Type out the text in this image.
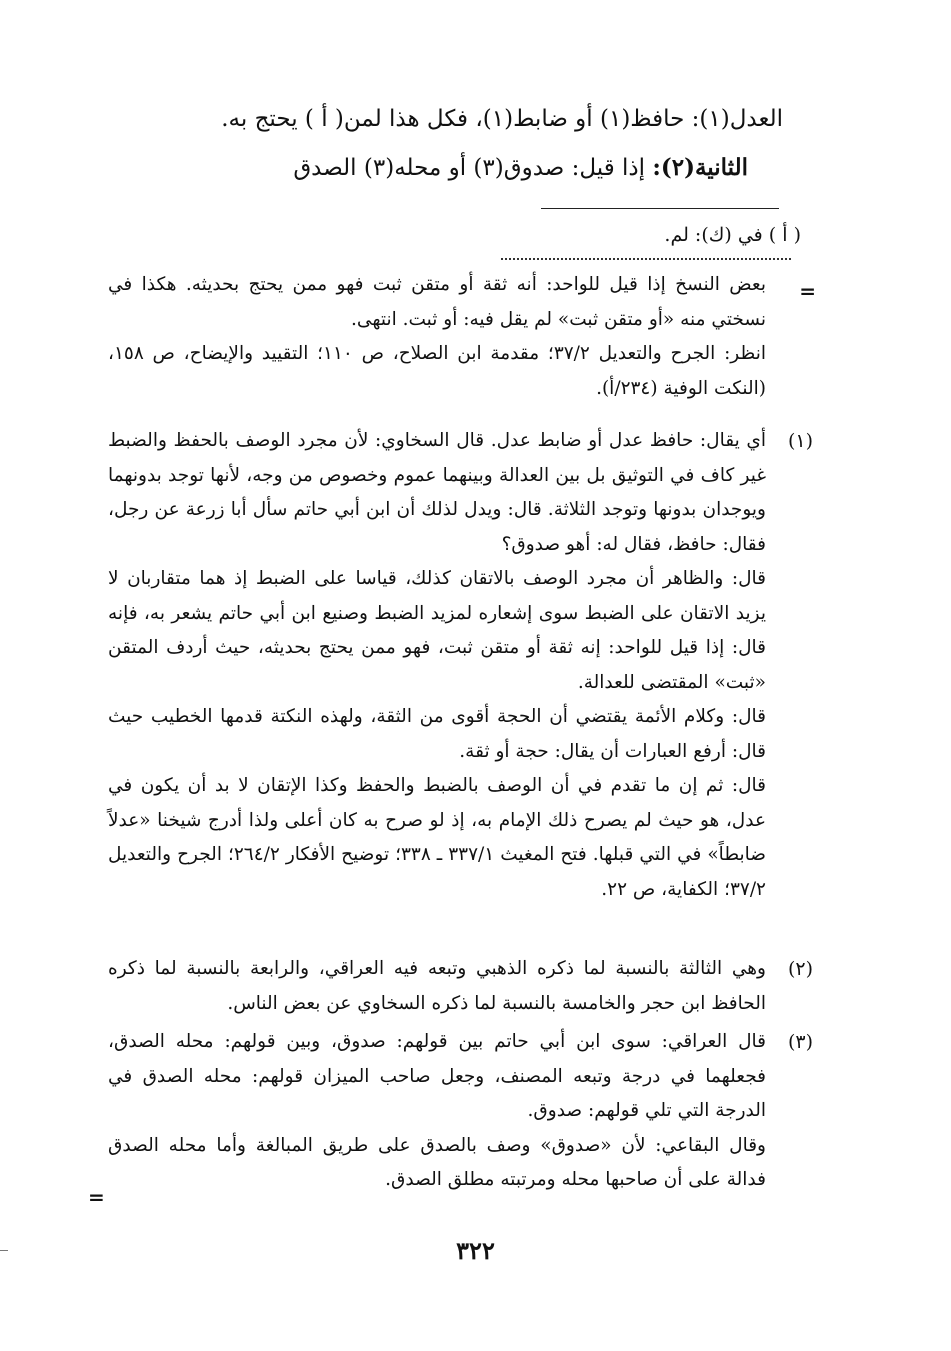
العدل(١): حافظ(١) أو ضابط(١)، فكل هذا لمن( أ ) يحتج به.
الثانية(٢): إذا قيل: صدوق(٣) أو محله(٣) الصدق
( أ ) في (ك): لم.
=

بعض النسخ إذا قيل للواحد: أنه ثقة أو متقن ثبت فهو ممن يحتج بحديثه. هكذا في نسختي منه «أو متقن ثبت» لم يقل فيه: أو ثبت. انتهى.

انظر: الجرح والتعديل ٣٧/٢؛ مقدمة ابن الصلاح، ص ١١٠؛ التقييد والإيضاح، ص ١٥٨، (النكت الوفية (٢٣٤/أ).

(١)

أي يقال: حافظ عدل أو ضابط عدل. قال السخاوي: لأن مجرد الوصف بالحفظ والضبط غير كاف في التوثيق بل بين العدالة وبينهما عموم وخصوص من وجه، لأنها توجد بدونهما ويوجدان بدونها وتوجد الثلاثة. قال: ويدل لذلك أن ابن أبي حاتم سأل أبا زرعة عن رجل، فقال: حافظ، فقال له: أهو صدوق؟

قال: والظاهر أن مجرد الوصف بالاتقان كذلك، قياسا على الضبط إذ هما متقاربان لا يزيد الاتقان على الضبط سوى إشعاره لمزيد الضبط وصنيع ابن أبي حاتم يشعر به، فإنه قال: إذا قيل للواحد: إنه ثقة أو متقن ثبت، فهو ممن يحتج بحديثه، حيث أردف المتقن «ثبت» المقتضى للعدالة.

قال: وكلام الأئمة يقتضي أن الحجة أقوى من الثقة، ولهذه النكتة قدمها الخطيب حيث قال: أرفع العبارات أن يقال: حجة أو ثقة.

قال: ثم إن ما تقدم في أن الوصف بالضبط والحفظ وكذا الإتقان لا بد أن يكون في عدل، هو حيث لم يصرح ذلك الإمام به، إذ لو صرح به كان أعلى ولذا أدرج شيخنا «عدلاً ضابطاً» في التي قبلها. فتح المغيث ٣٣٧/١ ـ ٣٣٨؛ توضيح الأفكار ٢٦٤/٢؛ الجرح والتعديل ٣٧/٢؛ الكفاية، ص ٢٢.

(٢)

وهي الثالثة بالنسبة لما ذكره الذهبي وتبعه فيه العراقي، والرابعة بالنسبة لما ذكره الحافظ ابن حجر والخامسة بالنسبة لما ذكره السخاوي عن بعض الناس.

(٣)

قال العراقي: سوى ابن أبي حاتم بين قولهم: صدوق، وبين قولهم: محله الصدق، فجعلهما في درجة وتبعه المصنف، وجعل صاحب الميزان قولهم: محله الصدق في الدرجة التي تلي قولهم: صدوق.

وقال البقاعي: لأن «صدوق» وصف بالصدق على طريق المبالغة وأما محله الصدق فدالة على أن صاحبها محله ومرتبته مطلق الصدق.

=
٣٢٢
